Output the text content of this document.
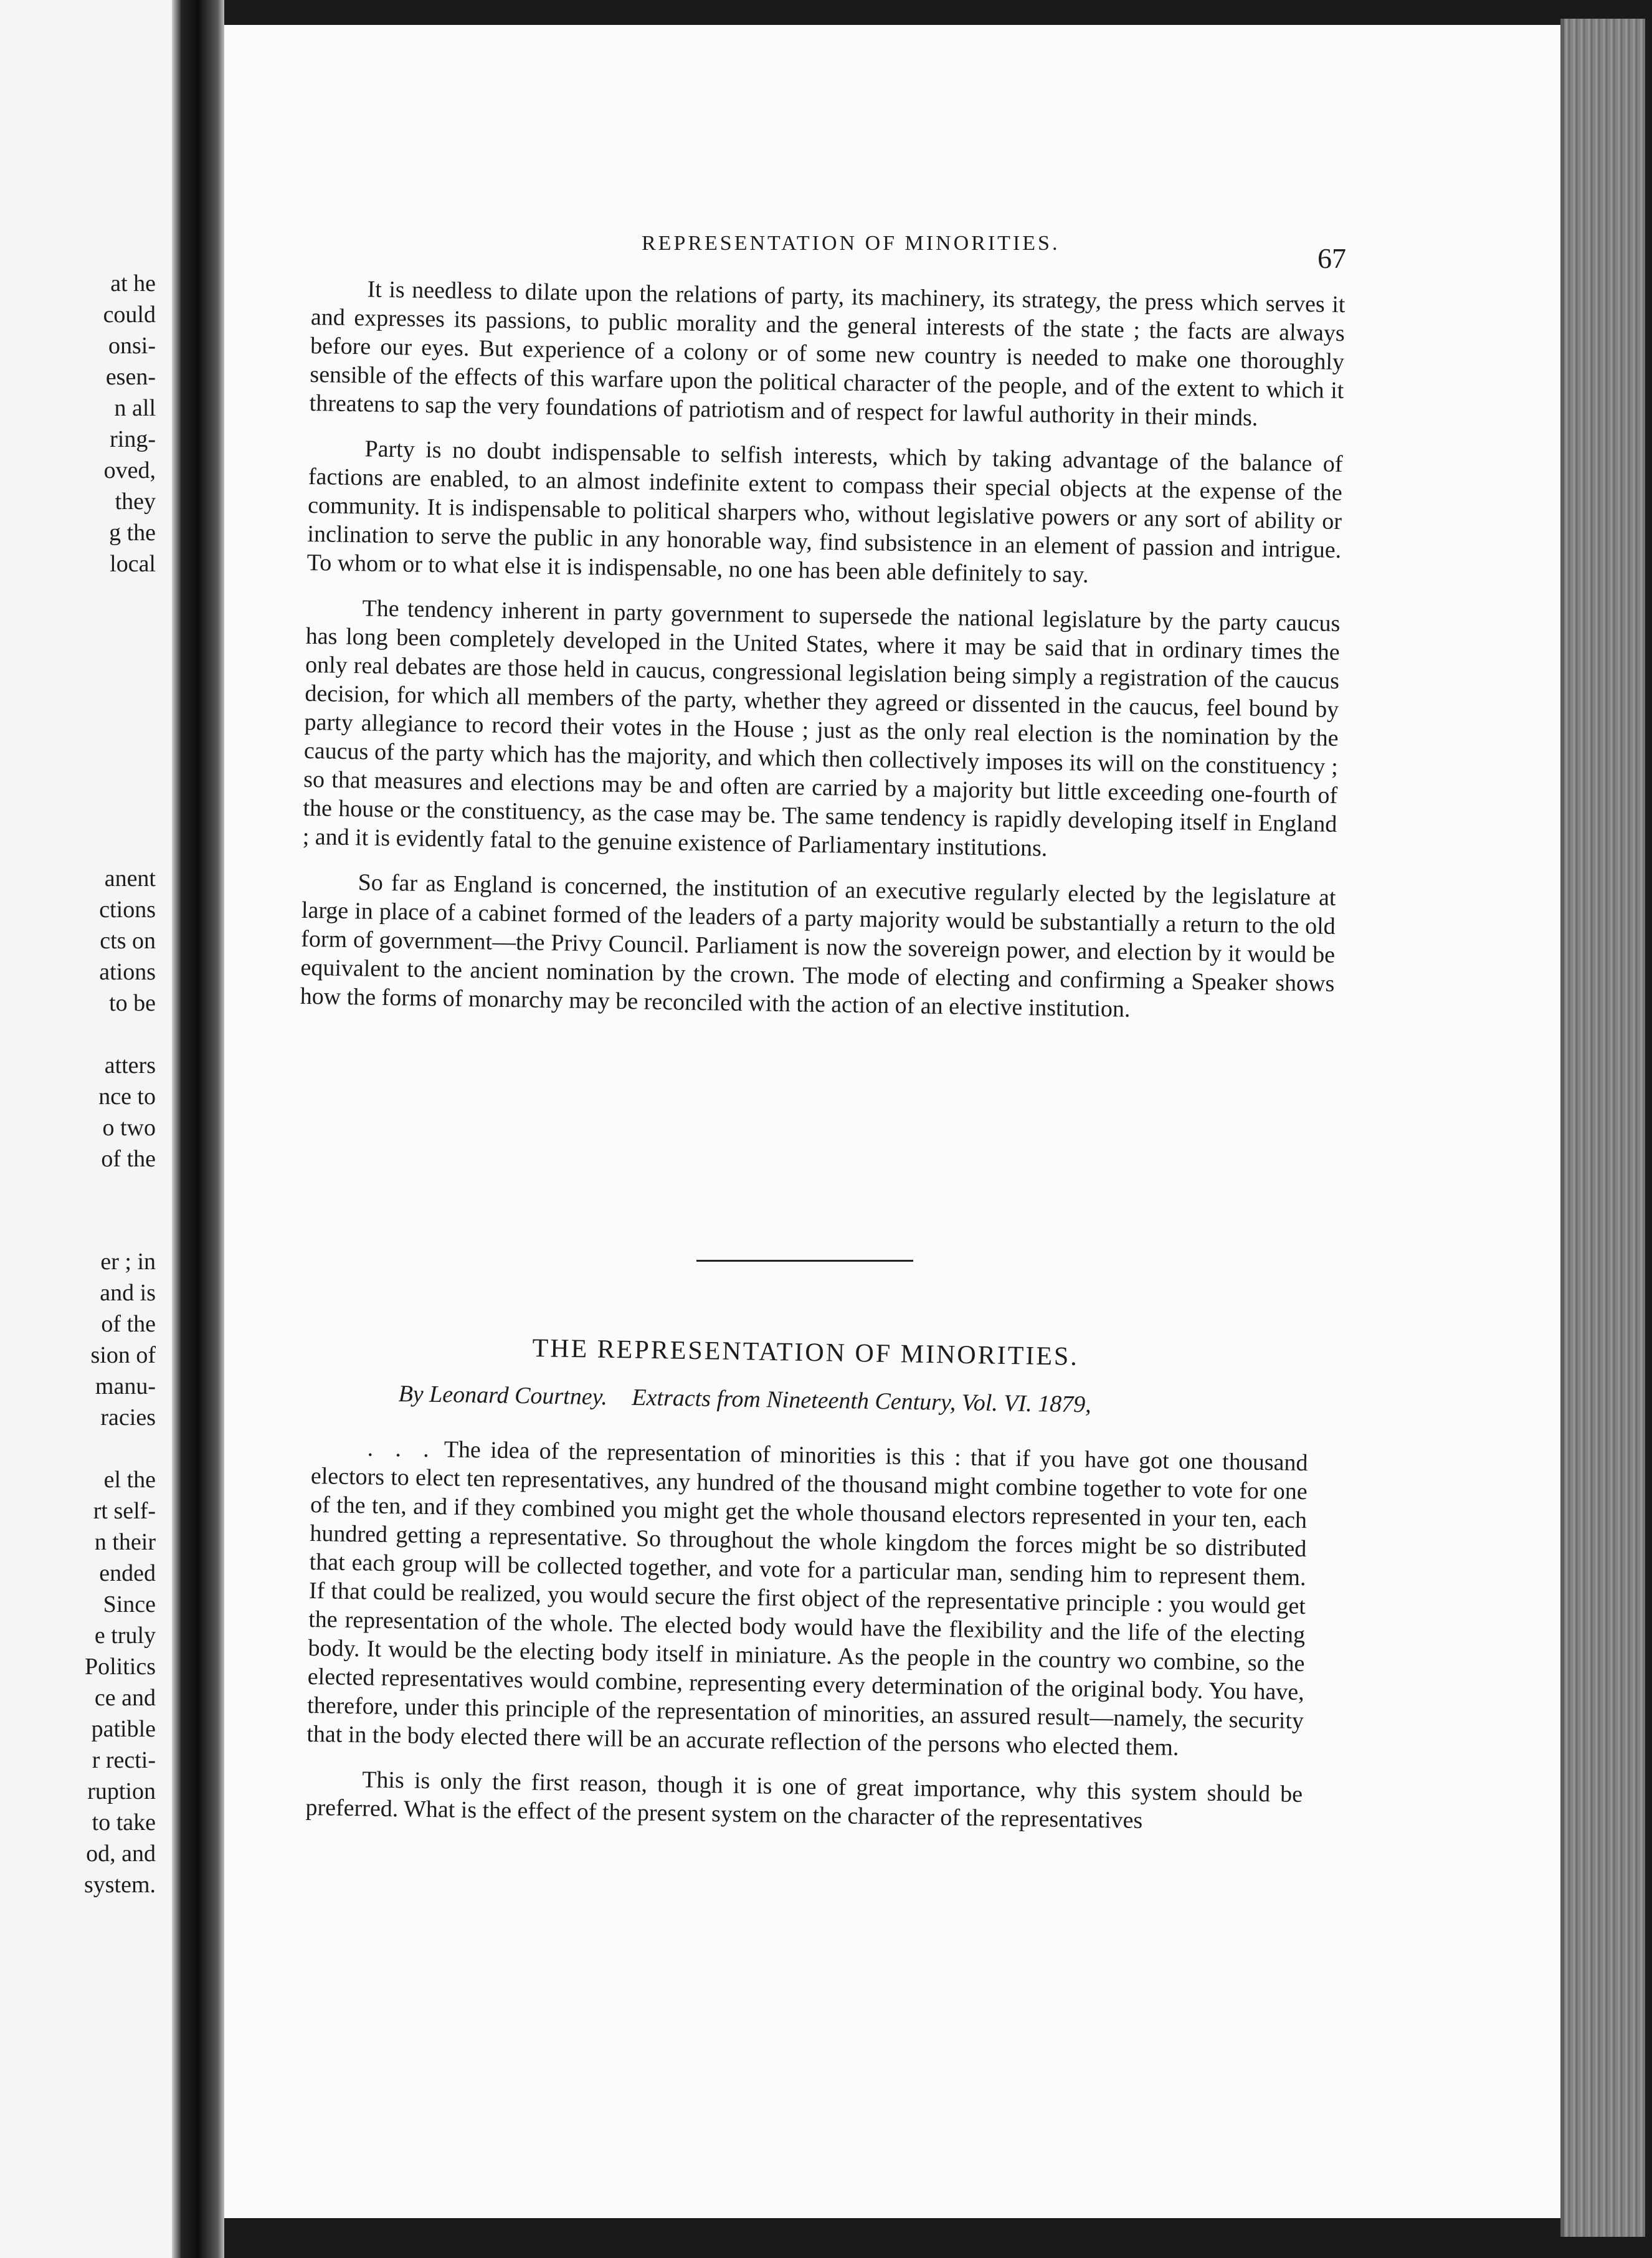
at he
could
onsi-
esen-
n all
ring-
oved,
they
g the
local
anent
ctions
cts on
ations
to be
atters
nce to
o two
of the
er ; in
and is
of the
sion of
manu-
racies
el the
rt self-
n their
ended
Since
e truly
Politics
ce and
patible
r recti-
ruption
to take
od, and
system.
REPRESENTATION OF MINORITIES.	67

It is needless to dilate upon the relations of party, its machinery, its strategy, the press which serves it and expresses its passions, to public morality and the general interests of the state ; the facts are always before our eyes. But experience of a colony or of some new country is needed to make one thoroughly sensible of the effects of this warfare upon the political character of the people, and of the extent to which it threatens to sap the very foundations of patriotism and of respect for lawful authority in their minds.

Party is no doubt indispensable to selfish interests, which by taking advantage of the balance of factions are enabled, to an almost indefinite extent to compass their special objects at the expense of the community. It is indispensable to political sharpers who, without legislative powers or any sort of ability or inclination to serve the public in any honorable way, find subsistence in an element of passion and intrigue. To whom or to what else it is indispensable, no one has been able definitely to say.

The tendency inherent in party government to supersede the national legislature by the party caucus has long been completely developed in the United States, where it may be said that in ordinary times the only real debates are those held in caucus, congressional legislation being simply a registration of the caucus decision, for which all members of the party, whether they agreed or dissented in the caucus, feel bound by party allegiance to record their votes in the House ; just as the only real election is the nomination by the caucus of the party which has the majority, and which then collectively imposes its will on the constituency ; so that measures and elections may be and often are carried by a majority but little exceeding one-fourth of the house or the constituency, as the case may be. The same tendency is rapidly developing itself in England ; and it is evidently fatal to the genuine existence of Parliamentary institutions.

So far as England is concerned, the institution of an executive regularly elected by the legislature at large in place of a cabinet formed of the leaders of a party majority would be substantially a return to the old form of government—the Privy Council. Parliament is now the sovereign power, and election by it would be equivalent to the ancient nomination by the crown. The mode of electing and confirming a Speaker shows how the forms of monarchy may be reconciled with the action of an elective institution.

THE REPRESENTATION OF MINORITIES.
By Leonard Courtney. Extracts from Nineteenth Century, Vol. VI. 1879,

. . . The idea of the representation of minorities is this : that if you have got one thousand electors to elect ten representatives, any hundred of the thousand might combine together to vote for one of the ten, and if they combined you might get the whole thousand electors represented in your ten, each hundred getting a representative. So throughout the whole kingdom the forces might be so distributed that each group will be collected together, and vote for a particular man, sending him to represent them. If that could be realized, you would secure the first object of the representative principle : you would get the representation of the whole. The elected body would have the flexibility and the life of the electing body. It would be the electing body itself in miniature. As the people in the country wo combine, so the elected representatives would combine, representing every determination of the original body. You have, therefore, under this principle of the representation of minorities, an assured result—namely, the security that in the body elected there will be an accurate reflection of the persons who elected them.

This is only the first reason, though it is one of great importance, why this system should be preferred. What is the effect of the present system on the character of the representatives
